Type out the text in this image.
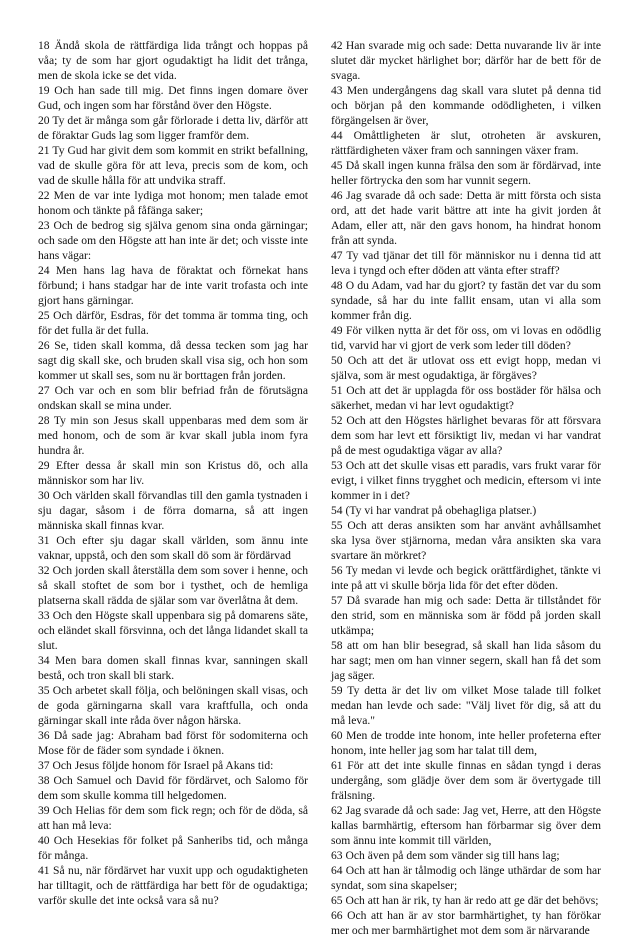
18 Ändå skola de rättfärdiga lida trångt och hoppas på våa; ty de som har gjort ogudaktigt ha lidit det trånga, men de skola icke se det vida.

19 Och han sade till mig. Det finns ingen domare över Gud, och ingen som har förstånd över den Högste.

20 Ty det är många som går förlorade i detta liv, därför att de föraktar Guds lag som ligger framför dem.

21 Ty Gud har givit dem som kommit en strikt befallning, vad de skulle göra för att leva, precis som de kom, och vad de skulle hålla för att undvika straff.

22 Men de var inte lydiga mot honom; men talade emot honom och tänkte på fåfänga saker;

23 Och de bedrog sig själva genom sina onda gärningar; och sade om den Högste att han inte är det; och visste inte hans vägar:

24 Men hans lag hava de föraktat och förnekat hans förbund; i hans stadgar har de inte varit trofasta och inte gjort hans gärningar.

25 Och därför, Esdras, för det tomma är tomma ting, och för det fulla är det fulla.

26 Se, tiden skall komma, då dessa tecken som jag har sagt dig skall ske, och bruden skall visa sig, och hon som kommer ut skall ses, som nu är borttagen från jorden.

27 Och var och en som blir befriad från de förutsägna ondskan skall se mina under.

28 Ty min son Jesus skall uppenbaras med dem som är med honom, och de som är kvar skall jubla inom fyra hundra år.

29 Efter dessa år skall min son Kristus dö, och alla människor som har liv.

30 Och världen skall förvandlas till den gamla tystnaden i sju dagar, såsom i de förra domarna, så att ingen människa skall finnas kvar.

31 Och efter sju dagar skall världen, som ännu inte vaknar, uppstå, och den som skall dö som är fördärvad

32 Och jorden skall återställa dem som sover i henne, och så skall stoftet de som bor i tysthet, och de hemliga platserna skall rädda de själar som var överlåtna åt dem.

33 Och den Högste skall uppenbara sig på domarens säte, och eländet skall försvinna, och det långa lidandet skall ta slut.

34 Men bara domen skall finnas kvar, sanningen skall bestå, och tron skall bli stark.

35 Och arbetet skall följa, och belöningen skall visas, och de goda gärningarna skall vara kraftfulla, och onda gärningar skall inte råda över någon härska.

36 Då sade jag: Abraham bad först för sodomiterna och Mose för de fäder som syndade i öknen.

37 Och Jesus följde honom för Israel på Akans tid:

38 Och Samuel och David för fördärvet, och Salomo för dem som skulle komma till helgedomen.

39 Och Helias för dem som fick regn; och för de döda, så att han må leva:

40 Och Hesekias för folket på Sanheribs tid, och många för många.

41 Så nu, när fördärvet har vuxit upp och ogudaktigheten har tilltagit, och de rättfärdiga har bett för de ogudaktiga; varför skulle det inte också vara så nu?

42 Han svarade mig och sade: Detta nuvarande liv är inte slutet där mycket härlighet bor; därför har de bett för de svaga.

43 Men undergångens dag skall vara slutet på denna tid och början på den kommande odödligheten, i vilken förgängelsen är över,

44 Omåttligheten är slut, otroheten är avskuren, rättfärdigheten växer fram och sanningen växer fram.

45 Då skall ingen kunna frälsa den som är fördärvad, inte heller förtrycka den som har vunnit segern.

46 Jag svarade då och sade: Detta är mitt första och sista ord, att det hade varit bättre att inte ha givit jorden åt Adam, eller att, när den gavs honom, ha hindrat honom från att synda.

47 Ty vad tjänar det till för människor nu i denna tid att leva i tyngd och efter döden att vänta efter straff?

48 O du Adam, vad har du gjort? ty fastän det var du som syndade, så har du inte fallit ensam, utan vi alla som kommer från dig.

49 För vilken nytta är det för oss, om vi lovas en odödlig tid, varvid har vi gjort de verk som leder till döden?

50 Och att det är utlovat oss ett evigt hopp, medan vi själva, som är mest ogudaktiga, är förgäves?

51 Och att det är upplagda för oss bostäder för hälsa och säkerhet, medan vi har levt ogudaktigt?

52 Och att den Högstes härlighet bevaras för att försvara dem som har levt ett försiktigt liv, medan vi har vandrat på de mest ogudaktiga vägar av alla?

53 Och att det skulle visas ett paradis, vars frukt varar för evigt, i vilket finns trygghet och medicin, eftersom vi inte kommer in i det?

54 (Ty vi har vandrat på obehagliga platser.)

55 Och att deras ansikten som har använt avhållsamhet ska lysa över stjärnorna, medan våra ansikten ska vara svartare än mörkret?

56 Ty medan vi levde och begick orättfärdighet, tänkte vi inte på att vi skulle börja lida för det efter döden.

57 Då svarade han mig och sade: Detta är tillståndet för den strid, som en människa som är född på jorden skall utkämpa;

58 att om han blir besegrad, så skall han lida såsom du har sagt; men om han vinner segern, skall han få det som jag säger.

59 Ty detta är det liv om vilket Mose talade till folket medan han levde och sade: "Välj livet för dig, så att du må leva."

60 Men de trodde inte honom, inte heller profeterna efter honom, inte heller jag som har talat till dem,

61 För att det inte skulle finnas en sådan tyngd i deras undergång, som glädje över dem som är övertygade till frälsning.

62 Jag svarade då och sade: Jag vet, Herre, att den Högste kallas barmhärtig, eftersom han förbarmar sig över dem som ännu inte kommit till världen,

63 Och även på dem som vänder sig till hans lag;

64 Och att han är tålmodig och länge uthärdar de som har syndat, som sina skapelser;

65 Och att han är rik, ty han är redo att ge där det behövs;

66 Och att han är av stor barmhärtighet, ty han förökar mer och mer barmhärtighet mot dem som är närvarande
